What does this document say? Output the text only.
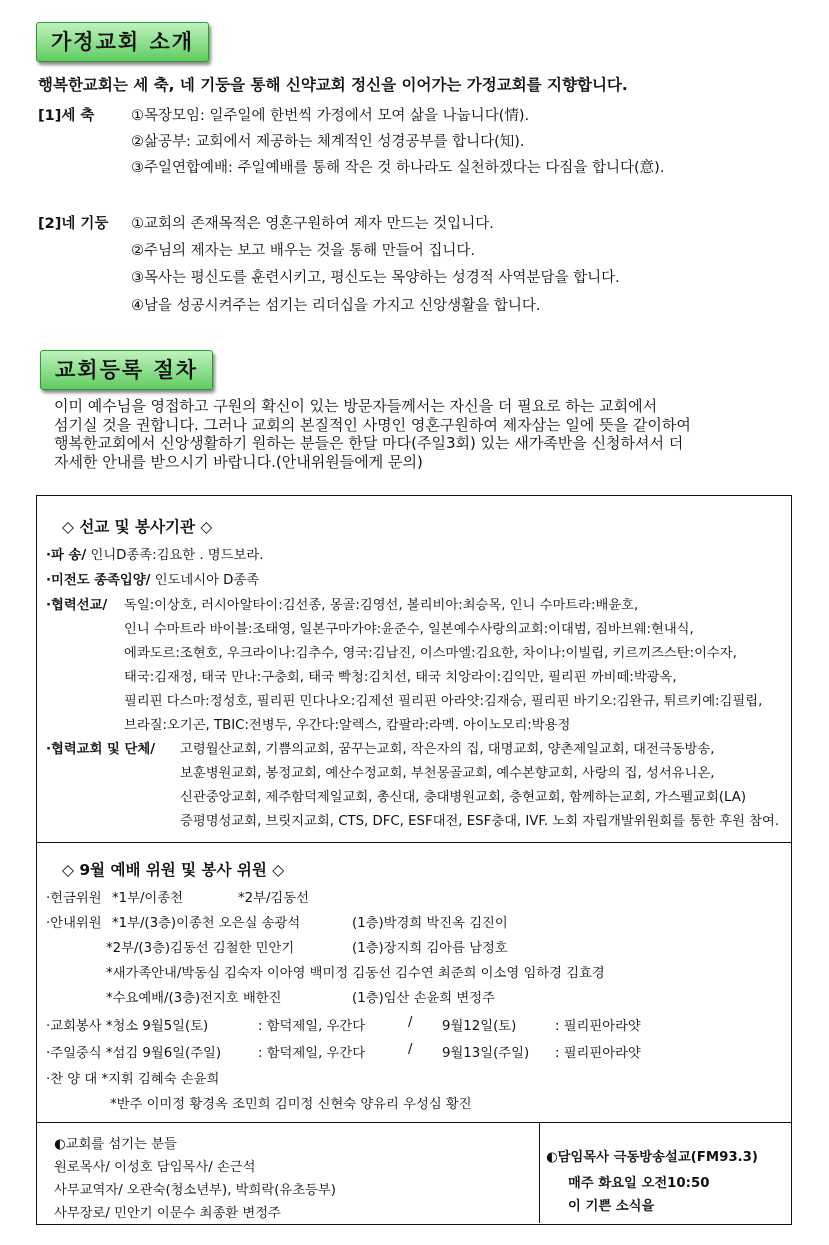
가정교회 소개
행복한교회는 세 축, 네 기둥을 통해 신약교회 정신을 이어가는 가정교회를 지향합니다.
[1]세 축	①목장모임: 일주일에 한번씩 가정에서 모여 삶을 나눕니다(情).
②삶공부: 교회에서 제공하는 체계적인 성경공부를 합니다(知).
③주일연합예배: 주일예배를 통해 작은 것 하나라도 실천하겠다는 다짐을 합니다(意).
[2]네 기둥 ①교회의 존재목적은 영혼구원하여 제자 만드는 것입니다.
②주님의 제자는 보고 배우는 것을 통해 만들어 집니다.
③목사는 평신도를 훈련시키고, 평신도는 목양하는 성경적 사역분담을 합니다.
④남을 성공시켜주는 섬기는 리더십을 가지고 신앙생활을 합니다.
교회등록 절차
이미 예수님을 영접하고 구원의 확신이 있는 방문자들께서는 자신을 더 필요로 하는 교회에서
섬기실 것을 권합니다. 그러나 교회의 본질적인 사명인 영혼구원하여 제자삼는 일에 뜻을 같이하여
행복한교회에서 신앙생활하기 원하는 분들은 한달 마다(주일3회) 있는 새가족반을 신청하셔서 더
자세한 안내를 받으시기 바랍니다.(안내위원들에게 문의)
◇ 선교 및 봉사기관 ◇
·파 송/ 인니D종족:김요한 . 명드보라.
·미전도 종족입양/ 인도네시아 D종족
·협력선교/ 독일:이상호, 러시아알타이:김선종, 몽골:김영선, 볼리비아:최승목, 인니 수마트라:배윤호,
인니 수마트라 바이블:조태영, 일본구마가야:윤준수, 일본예수사랑의교회:이대범, 짐바브웨:현내식,
에콰도르:조현호, 우크라이나:김추수, 영국:김남진, 이스마엘:김요한, 차이나:이빌립, 키르끼즈스탄:이수자,
태국:김재정, 태국 만나:구충회, 태국 빡청:김치선, 태국 치앙라이:김익만, 필리핀 까비떼:박광옥,
필리핀 다스마:정성호, 필리핀 민다나오:김제선 필리핀 아라얏:김재승, 필리핀 바기오:김완규, 튀르키예:김필립,
브라질:오기곤, TBIC:전병두, 우간다:알렉스, 캄팔라:라멕. 아이노모리:박용정
·협력교회 및 단체/ 고령월산교회, 기쁨의교회, 꿈꾸는교회, 작은자의 집, 대명교회, 양촌제일교회, 대전극동방송,
보훈병원교회, 봉정교회, 예산수정교회, 부천몽골교회, 예수본향교회, 사랑의 집, 성서유니온,
신관중앙교회, 제주함덕제일교회, 총신대, 충대병원교회, 충현교회, 함께하는교회, 가스펠교회(LA)
증평명성교회, 브릿지교회, CTS, DFC, ESF대전, ESF충대, IVF. 노회 자립개발위원회를 통한 후원 참여.
◇ 9월 예배 위원 및 봉사 위원 ◇
·헌금위원 *1부/이종천	*2부/김동선
·안내위원 *1부/(3층)이종천 오은실 송광석	(1층)박경희 박진옥 김진이
*2부/(3층)김동선 김철한 민안기	(1층)장지희 김아름 남정호
*새가족안내/박동심 김숙자 이아영 백미정 김동선 김수연 최준희 이소영 임하경 김효경
*수요예배/(3층)전지호 배한진	(1층)임산 손윤희 변정주
·교회봉사 *청소 9월5일(토)	: 함덕제일, 우간다	/ 9월12일(토)	: 필리핀아라얏
·주일중식 *섬김 9월6일(주일)	: 함덕제일, 우간다	/ 9월13일(주일) : 필리핀아라얏
·찬 양 대 *지휘 김혜숙 손윤희
*반주 이미정 황경옥 조민희 김미정 신현숙 양유리 우성심 황진
◐교회를 섬기는 분들
원로목사/ 이성호 담임목사/ 손근석
사무교역자/ 오관숙(청소년부), 박희락(유초등부)
사무장로/ 민안기 이문수 최종환 변정주
◐담임목사 극동방송설교(FM93.3)
매주 화요일 오전10:50
이 기쁜 소식을
